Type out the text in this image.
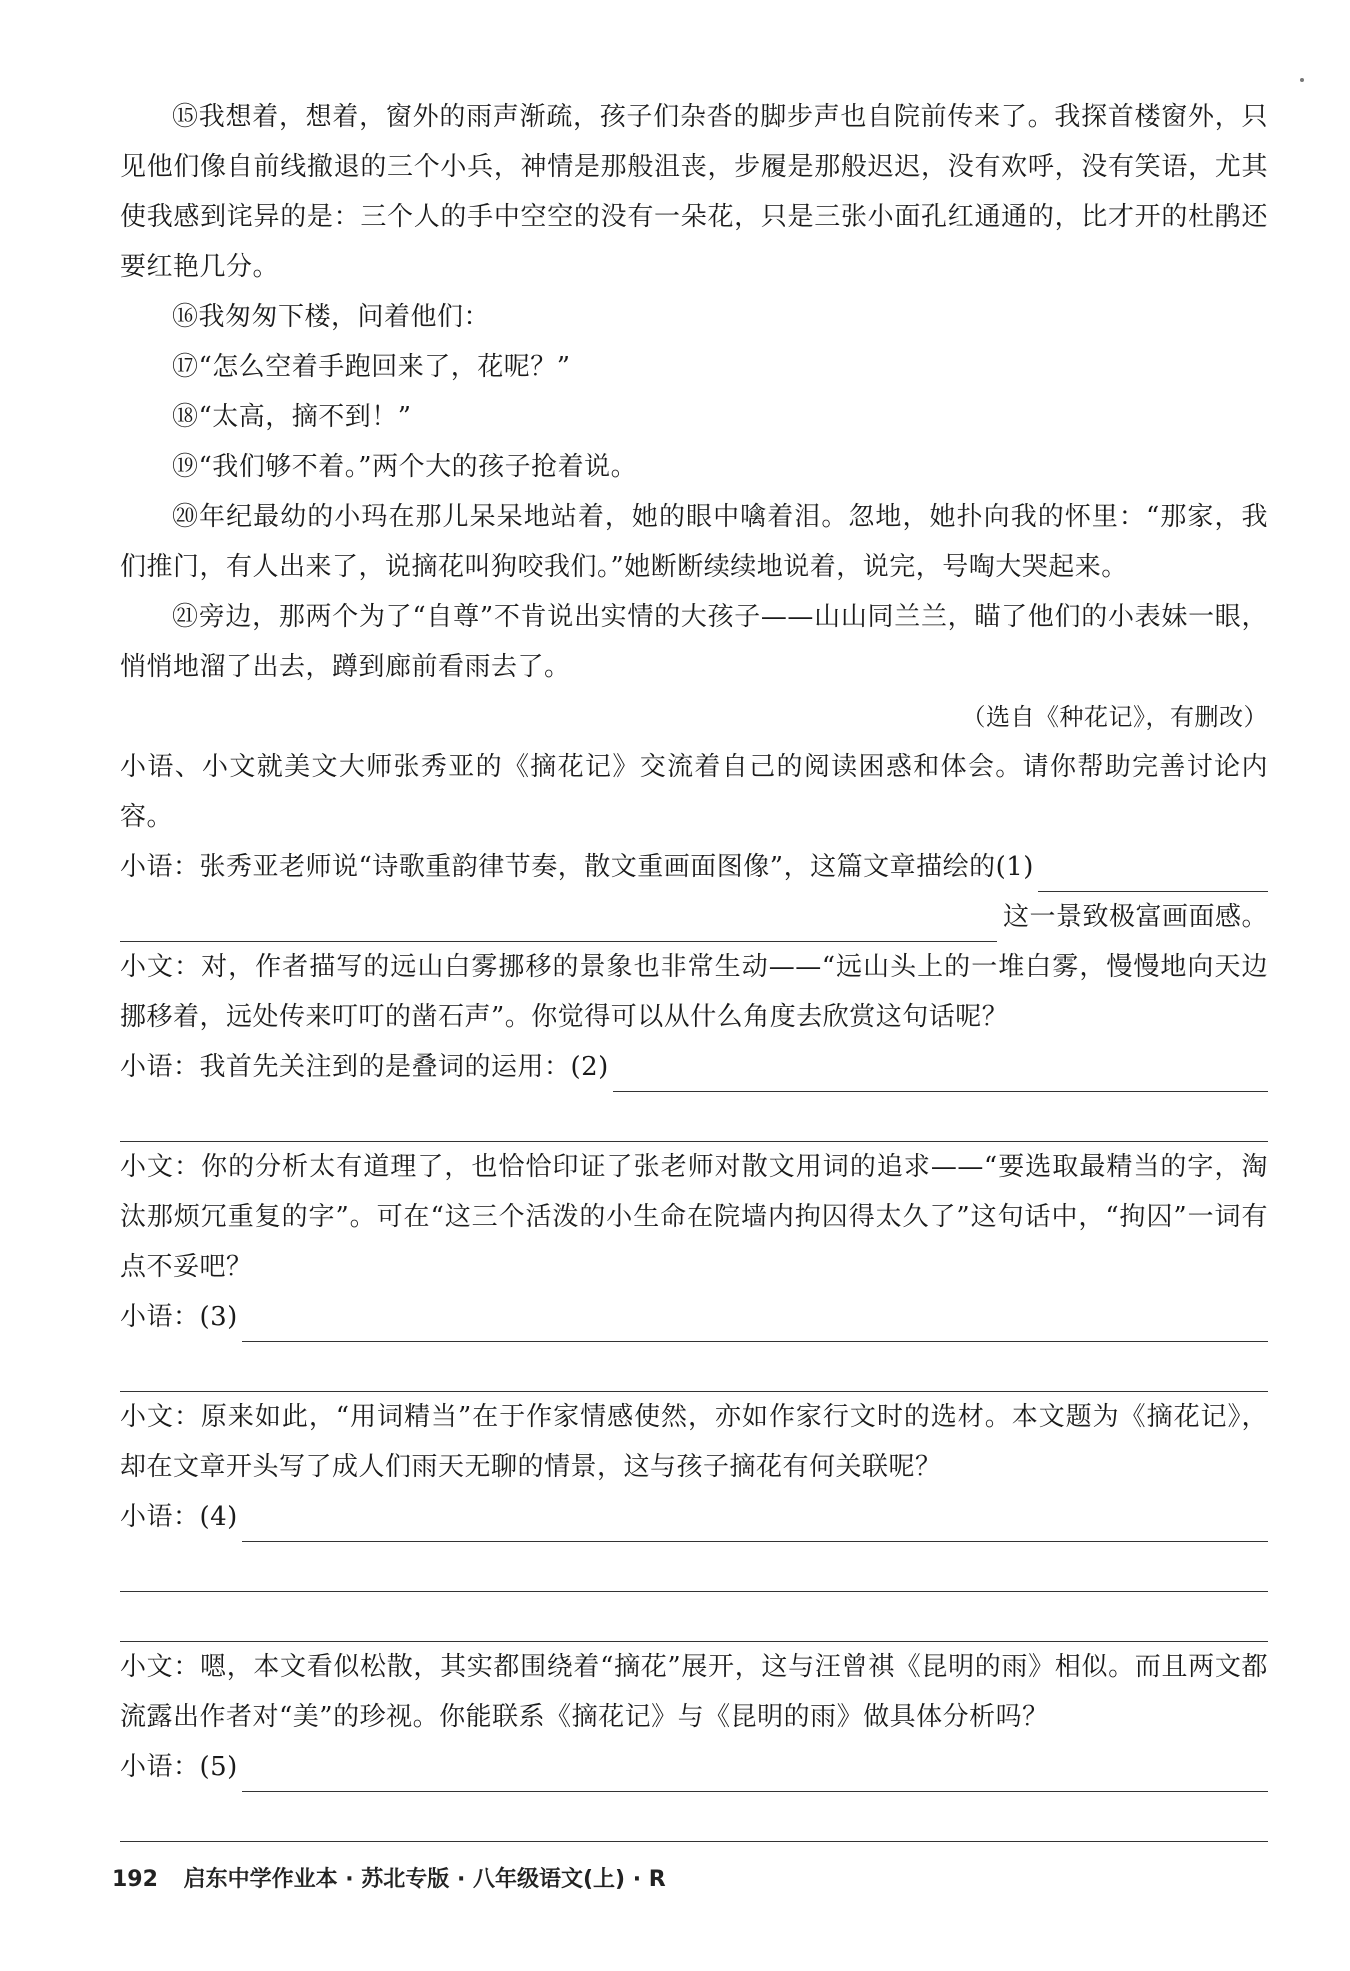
⑮我想着，想着，窗外的雨声渐疏，孩子们杂沓的脚步声也自院前传来了。我探首楼窗外，只见他们像自前线撤退的三个小兵，神情是那般沮丧，步履是那般迟迟，没有欢呼，没有笑语，尤其使我感到诧异的是：三个人的手中空空的没有一朵花，只是三张小面孔红通通的，比才开的杜鹃还要红艳几分。

⑯我匆匆下楼，问着他们：

⑰“怎么空着手跑回来了，花呢？”

⑱“太高，摘不到！”

⑲“我们够不着。”两个大的孩子抢着说。

⑳年纪最幼的小玛在那儿呆呆地站着，她的眼中噙着泪。忽地，她扑向我的怀里：“那家，我们推门，有人出来了，说摘花叫狗咬我们。”她断断续续地说着，说完，号啕大哭起来。

㉑旁边，那两个为了“自尊”不肯说出实情的大孩子——山山同兰兰，瞄了他们的小表妹一眼，悄悄地溜了出去，蹲到廊前看雨去了。

（选自《种花记》，有删改）

小语、小文就美文大师张秀亚的《摘花记》交流着自己的阅读困惑和体会。请你帮助完善讨论内容。

小语：张秀亚老师说“诗歌重韵律节奏，散文重画面图像”，这篇文章描绘的(1)
这一景致极富画面感。

小文：对，作者描写的远山白雾挪移的景象也非常生动——“远山头上的一堆白雾，慢慢地向天边挪移着，远处传来叮叮的凿石声”。你觉得可以从什么角度去欣赏这句话呢？

小语：我首先关注到的是叠词的运用：(2)

小文：你的分析太有道理了，也恰恰印证了张老师对散文用词的追求——“要选取最精当的字，淘汰那烦冗重复的字”。可在“这三个活泼的小生命在院墙内拘囚得太久了”这句话中，“拘囚”一词有点不妥吧？

小语：(3)

小文：原来如此，“用词精当”在于作家情感使然，亦如作家行文时的选材。本文题为《摘花记》，却在文章开头写了成人们雨天无聊的情景，这与孩子摘花有何关联呢？

小语：(4)

小文：嗯，本文看似松散，其实都围绕着“摘花”展开，这与汪曾祺《昆明的雨》相似。而且两文都流露出作者对“美”的珍视。你能联系《摘花记》与《昆明的雨》做具体分析吗？

小语：(5)
192 启东中学作业本 · 苏北专版 · 八年级语文(上) · R
